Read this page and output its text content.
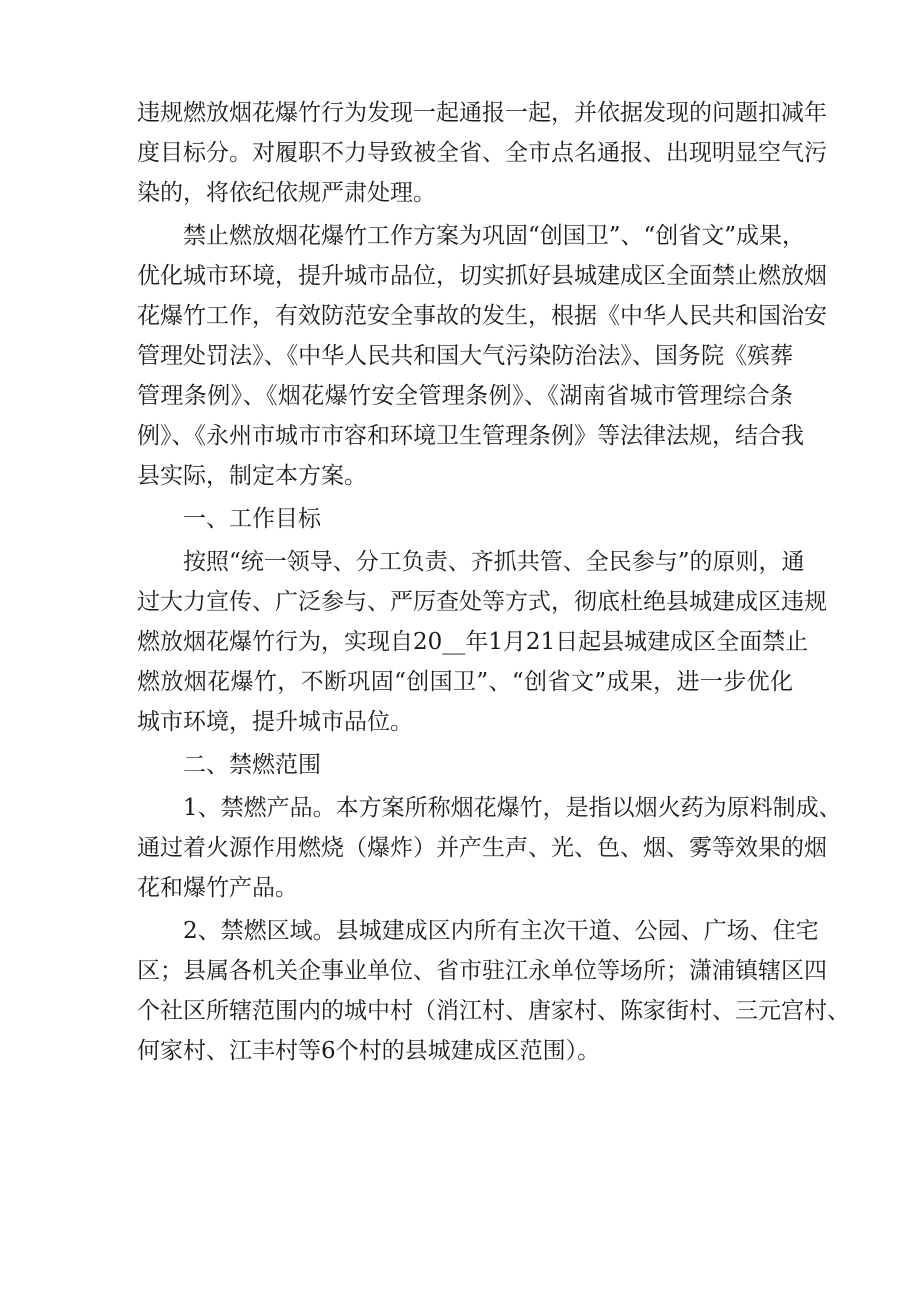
违规燃放烟花爆竹行为发现一起通报一起，并依据发现的问题扣减年
度目标分。对履职不力导致被全省、全市点名通报、出现明显空气污
染的，将依纪依规严肃处理。
禁止燃放烟花爆竹工作方案为巩固“创国卫”、“创省文”成果，
优化城市环境，提升城市品位，切实抓好县城建成区全面禁止燃放烟
花爆竹工作，有效防范安全事故的发生，根据《中华人民共和国治安
管理处罚法》、《中华人民共和国大气污染防治法》、国务院《殡葬
管理条例》、《烟花爆竹安全管理条例》、《湖南省城市管理综合条
例》、《永州市城市市容和环境卫生管理条例》等法律法规，结合我
县实际，制定本方案。
一、工作目标
按照“统一领导、分工负责、齐抓共管、全民参与”的原则，通
过大力宣传、广泛参与、严厉查处等方式，彻底杜绝县城建成区违规
燃放烟花爆竹行为，实现自20__年1月21日起县城建成区全面禁止
燃放烟花爆竹，不断巩固“创国卫”、“创省文”成果，进一步优化
城市环境，提升城市品位。
二、禁燃范围
1、禁燃产品。本方案所称烟花爆竹，是指以烟火药为原料制成、
通过着火源作用燃烧（爆炸）并产生声、光、色、烟、雾等效果的烟
花和爆竹产品。
2、禁燃区域。县城建成区内所有主次干道、公园、广场、住宅
区；县属各机关企事业单位、省市驻江永单位等场所；潇浦镇辖区四
个社区所辖范围内的城中村（消江村、唐家村、陈家街村、三元宫村、
何家村、江丰村等6个村的县城建成区范围）。
